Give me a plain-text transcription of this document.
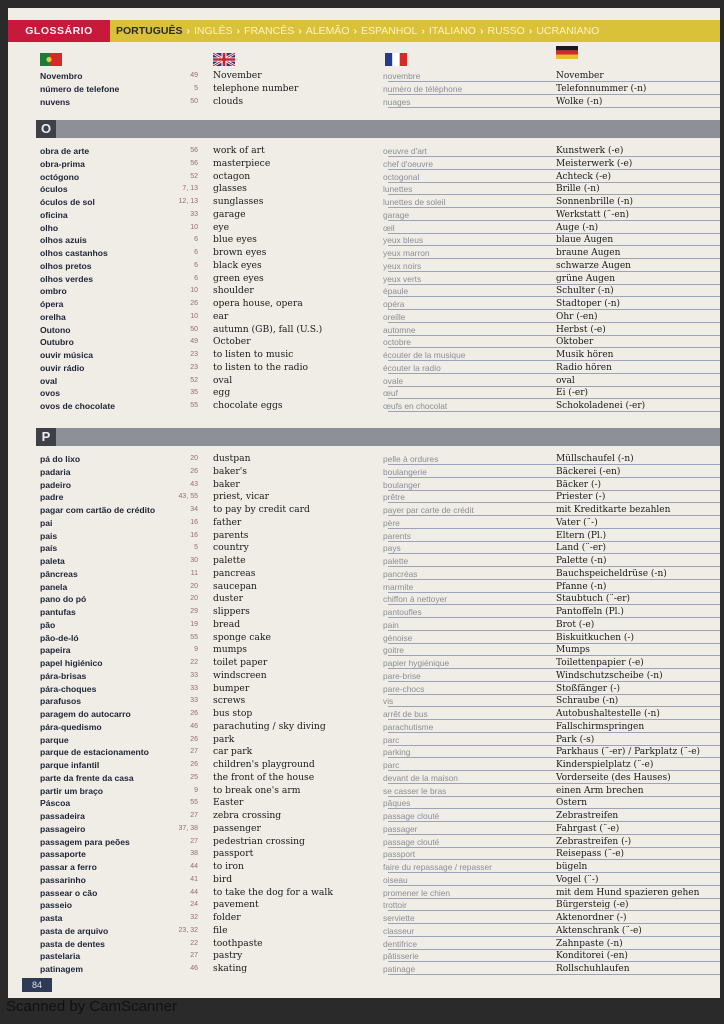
GLOSSÁRIO	PORTUGUÊS › INGLÊS › FRANCÊS › ALEMÃO › ESPANHOL › ITALIANO › RUSSO › UCRANIANO
Novembro	49 November	novembre	November
número de telefone	5 telephone number	numéro de téléphone	Telefonnummer (-n)
nuvens	50 clouds	nuages	Wolke (-n)
O
obra de arte	56 work of art	oeuvre d'art	Kunstwerk (-e)
obra-prima	56 masterpiece	chef d'oeuvre	Meisterwerk (-e)
octógono	52 octagon	octogonal	Achteck (-e)
óculos	7, 13 glasses	lunettes	Brille (-n)
óculos de sol	12, 13 sunglasses	lunettes de soleil	Sonnenbrille (-n)
oficina	33 garage	garage	Werkstatt (¨-en)
olho	10 eye	œil	Auge (-n)
olhos azuis	6 blue eyes	yeux bleus	blaue Augen
olhos castanhos	6 brown eyes	yeux marron	braune Augen
olhos pretos	6 black eyes	yeux noirs	schwarze Augen
olhos verdes	6 green eyes	yeux verts	grüne Augen
ombro	10 shoulder	épaule	Schulter (-n)
ópera	26 opera house, opera	opéra	Stadtoper (-n)
orelha	10 ear	oreille	Ohr (-en)
Outono	50 autumn (GB), fall (U.S.)	automne	Herbst (-e)
Outubro	49 October	octobre	Oktober
ouvir música	23 to listen to music	écouter de la musique	Musik hören
ouvir rádio	23 to listen to the radio	écouter la radio	Radio hören
oval	52 oval	ovale	oval
ovos	35 egg	œuf	Ei (-er)
ovos de chocolate	55 chocolate eggs	œufs en chocolat	Schokoladenei (-er)
P
pá do lixo	20 dustpan	pelle à ordures	Müllschaufel (-n)
padaria	26 baker's	boulangerie	Bäckerei (-en)
padeiro	43 baker	boulanger	Bäcker (-)
padre	43, 55 priest, vicar	prêtre	Priester (-)
pagar com cartão de crédito	34 to pay by credit card	payer par carte de crédit	mit Kreditkarte bezahlen
pai	16 father	père	Vater (¨-)
pais	16 parents	parents	Eltern (Pl.)
país	5 country	pays	Land (¨-er)
paleta	30 palette	palette	Palette (-n)
pâncreas	11 pancreas	pancréas	Bauchspeicheldrüse (-n)
panela	20 saucepan	marmite	Pfanne (-n)
pano do pó	20 duster	chiffon à nettoyer	Staubtuch (¨-er)
pantufas	29 slippers	pantoufles	Pantoffeln (Pl.)
pão	19 bread	pain	Brot (-e)
pão-de-ló	55 sponge cake	génoise	Biskuitkuchen (-)
papeira	9 mumps	goitre	Mumps
papel higiénico	22 toilet paper	papier hygiénique	Toilettenpapier (-e)
pára-brisas	33 windscreen	pare-brise	Windschutzscheibe (-n)
pára-choques	33 bumper	pare-chocs	Stoßfänger (-)
parafusos	33 screws	vis	Schraube (-n)
paragem do autocarro	26 bus stop	arrêt de bus	Autobushaltestelle (-n)
pára-quedismo	46 parachuting / sky diving	parachutisme	Fallschirmspringen
parque	26 park	parc	Park (-s)
parque de estacionamento	27 car park	parking	Parkhaus (¨-er) / Parkplatz (¨-e)
parque infantil	26 children's playground	parc	Kinderspielplatz (¨-e)
parte da frente da casa	25 the front of the house	devant de la maison	Vorderseite (des Hauses)
partir um braço	9 to break one's arm	se casser le bras	einen Arm brechen
Páscoa	55 Easter	pâques	Ostern
passadeira	27 zebra crossing	passage clouté	Zebrastreifen
passageiro	37, 38 passenger	passager	Fahrgast (¨-e)
passagem para peões	27 pedestrian crossing	passage clouté	Zebrastreifen (-)
passaporte	38 passport	passport	Reisepass (¨-e)
passar a ferro	44 to iron	faire du repassage / repasser	bügeln
passarinho	41 bird	oiseau	Vogel (¨-)
passear o cão	44 to take the dog for a walk	promener le chien	mit dem Hund spazieren gehen
passeio	24 pavement	trottoir	Bürgersteig (-e)
pasta	32 folder	serviette	Aktenordner (-)
pasta de arquivo	23, 32 file	classeur	Aktenschrank (¨-e)
pasta de dentes	22 toothpaste	dentifrice	Zahnpaste (-n)
pastelaria	27 pastry	pâtisserie	Konditorei (-en)
patinagem	46 skating	patinage	Rollschuhlaufen
84
Scanned by CamScanner
